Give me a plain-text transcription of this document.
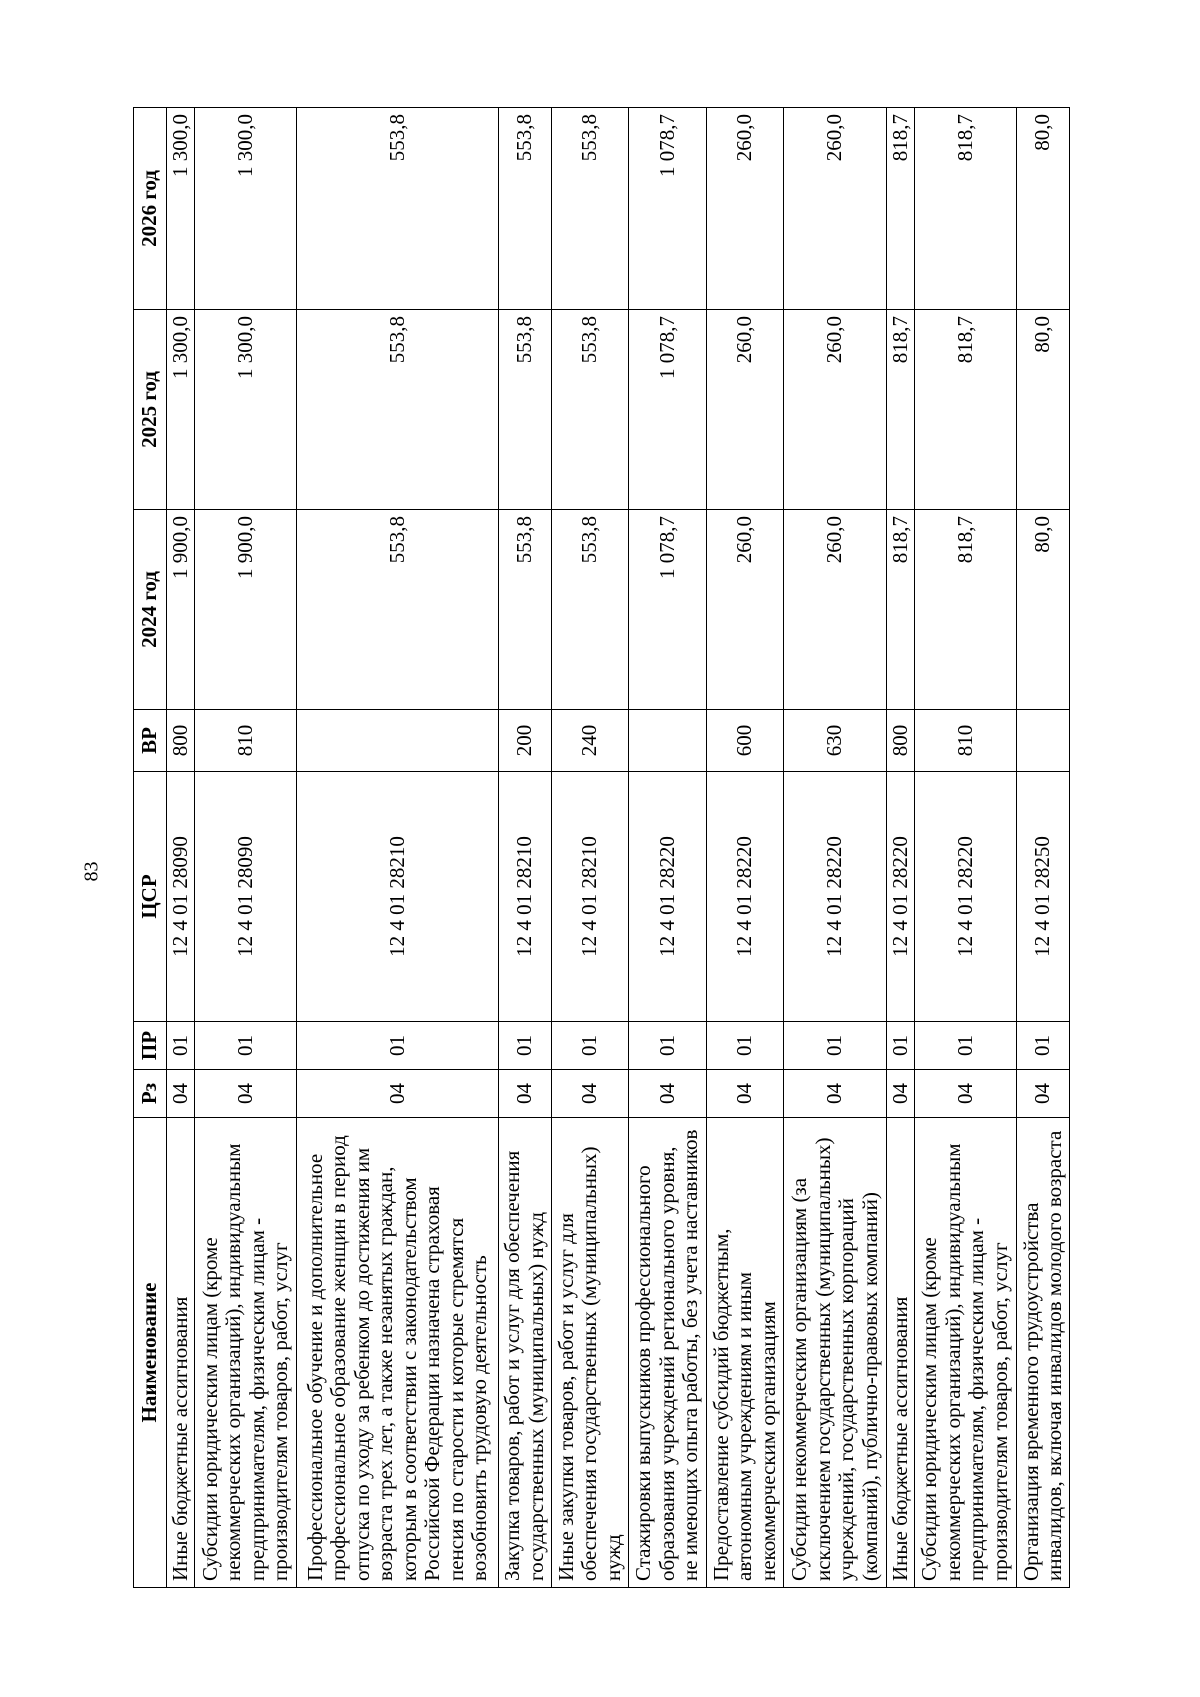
83
Наименование	Рз	ПР	ЦСР	ВР	2024 год	2025 год	2026 год
Иные бюджетные ассигнования	04	01	12 4 01 28090	800	1 900,0	1 300,0	1 300,0
Субсидии юридическим лицам (кроме некоммерческих организаций), индивидуальным предпринимателям, физическим лицам - производителям товаров, работ, услуг	04	01	12 4 01 28090	810	1 900,0	1 300,0	1 300,0
Профессиональное обучение и дополнительное профессиональное образование женщин в период отпуска по уходу за ребенком до достижения им возраста трех лет, а также незанятых граждан, которым в соответствии с законодательством Российской Федерации назначена страховая пенсия по старости и которые стремятся возобновить трудовую деятельность	04	01	12 4 01 28210		553,8	553,8	553,8
Закупка товаров, работ и услуг для обеспечения государственных (муниципальных) нужд	04	01	12 4 01 28210	200	553,8	553,8	553,8
Иные закупки товаров, работ и услуг для обеспечения государственных (муниципальных) нужд	04	01	12 4 01 28210	240	553,8	553,8	553,8
Стажировки выпускников профессионального образования учреждений регионального уровня, не имеющих опыта работы, без учета наставников	04	01	12 4 01 28220		1 078,7	1 078,7	1 078,7
Предоставление субсидий бюджетным, автономным учреждениям и иным некоммерческим организациям	04	01	12 4 01 28220	600	260,0	260,0	260,0
Субсидии некоммерческим организациям (за исключением государственных (муниципальных) учреждений, государственных корпораций (компаний), публично-правовых компаний)	04	01	12 4 01 28220	630	260,0	260,0	260,0
Иные бюджетные ассигнования	04	01	12 4 01 28220	800	818,7	818,7	818,7
Субсидии юридическим лицам (кроме некоммерческих организаций), индивидуальным предпринимателям, физическим лицам - производителям товаров, работ, услуг	04	01	12 4 01 28220	810	818,7	818,7	818,7
Организация временного трудоустройства инвалидов, включая инвалидов молодого возраста	04	01	12 4 01 28250		80,0	80,0	80,0
